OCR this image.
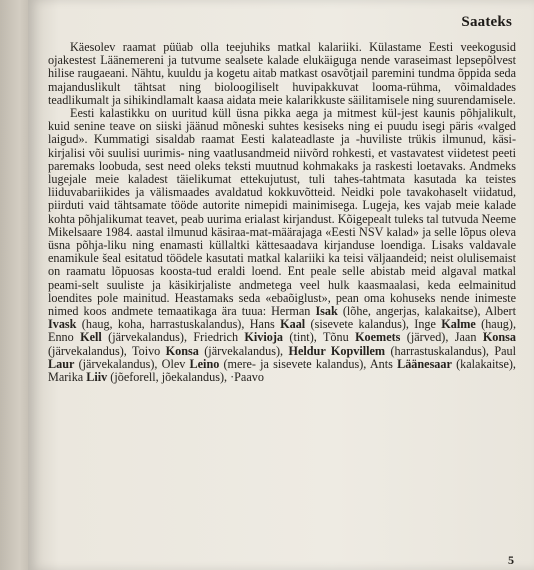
Saateks

Käesolev raamat püüab olla teejuhiks matkal kalariiki. Külastame Eesti veekogusid ojakestest Läänemereni ja tutvume sealsete kalade elukäiguga nende varaseimast lepsepõlvest hilise raugaeani. Nähtu, kuuldu ja kogetu aitab matkast osavõtjail paremini tundma õppida seda majanduslikult tähtsat ning bioloogiliselt huvipakkuvat looma-rühma, võimaldades teadlikumalt ja sihikindlamalt kaasa aidata meie kalarikkuste säilitamisele ning suurendamisele.

Eesti kalastikku on uuritud küll üsna pikka aega ja mitmest kül-jest kaunis põhjalikult, kuid seninе teave on siiski jäänud mõneski suhtes kesiseks ning ei puudu isegi päris «valged laigud». Kummatigi sisaldab raamat Eesti kalateadlaste ja -huviliste trükis ilmunud, käsi-kirjalisi või suulisi uurimis- ning vaatlusandmeid niivõrd rohkesti, et vastavatest viidetest peeti paremaks loobuda, sest need oleks teksti muutnud kohmakaks ja raskesti loetavaks. Andmeks lugejale meie kaladest täielikumat ettekujutust, tuli tahes-tahtmata kasutada ka teistes liiduvabariikides ja välismaades avaldatud kokkuvõtteid. Neidki pole tavakohaselt viidatud, piirduti vaid tähtsamate tööde autorite nimepidi mainimisega. Lugeja, kes vajab meie kalade kohta põhjalikumat teavet, peab uurima erialast kirjandust. Kõigepealt tuleks tal tutvuda Neeme Mikelsaare 1984. aastal ilmunud käsiraa-mat-määrajaga «Eesti NSV kalad» ja selle lõpus oleva üsna põhja-liku ning enamasti küllaltki kättesaadava kirjanduse loendiga. Lisaks valdavale enamikule šeal esitatud töödele kasutati matkal kalariiki ka teisi väljaandeid; neist olulisemaist on raamatu lõpuosas koosta-tud eraldi loend. Ent peale selle abistab meid algaval matkal peami-selt suuliste ja käsikirjaliste andmetega veel hulk kaasmaalasi, keda eelmainitud loendites pole mainitud. Heastamaks seda «ebaõiglust», pean oma kohuseks nende inimeste nimed koos andmete temaatikaga ära tuua: Herman Isak (lõhe, angerjas, kalakaitse), Albert Ivask (haug, koha, harrastuskalandus), Hans Kaal (sisevete kalandus), Inge Kalme (haug), Enno Kell (järvekalandus), Friedrich Kivioja (tint), Tõnu Koemets (järved), Jaan Konsa (järvekalandus), Toivo Konsa (järvekalandus), Heldur Kopvillem (harrastuskalandus), Paul Laur (järvekalandus), Olev Leino (mere- ja sisevete kalandus), Ants Läänesaar (kalakaitse), Marika Liiv (jõeforell, jõekalandus), ·Paavo

5
